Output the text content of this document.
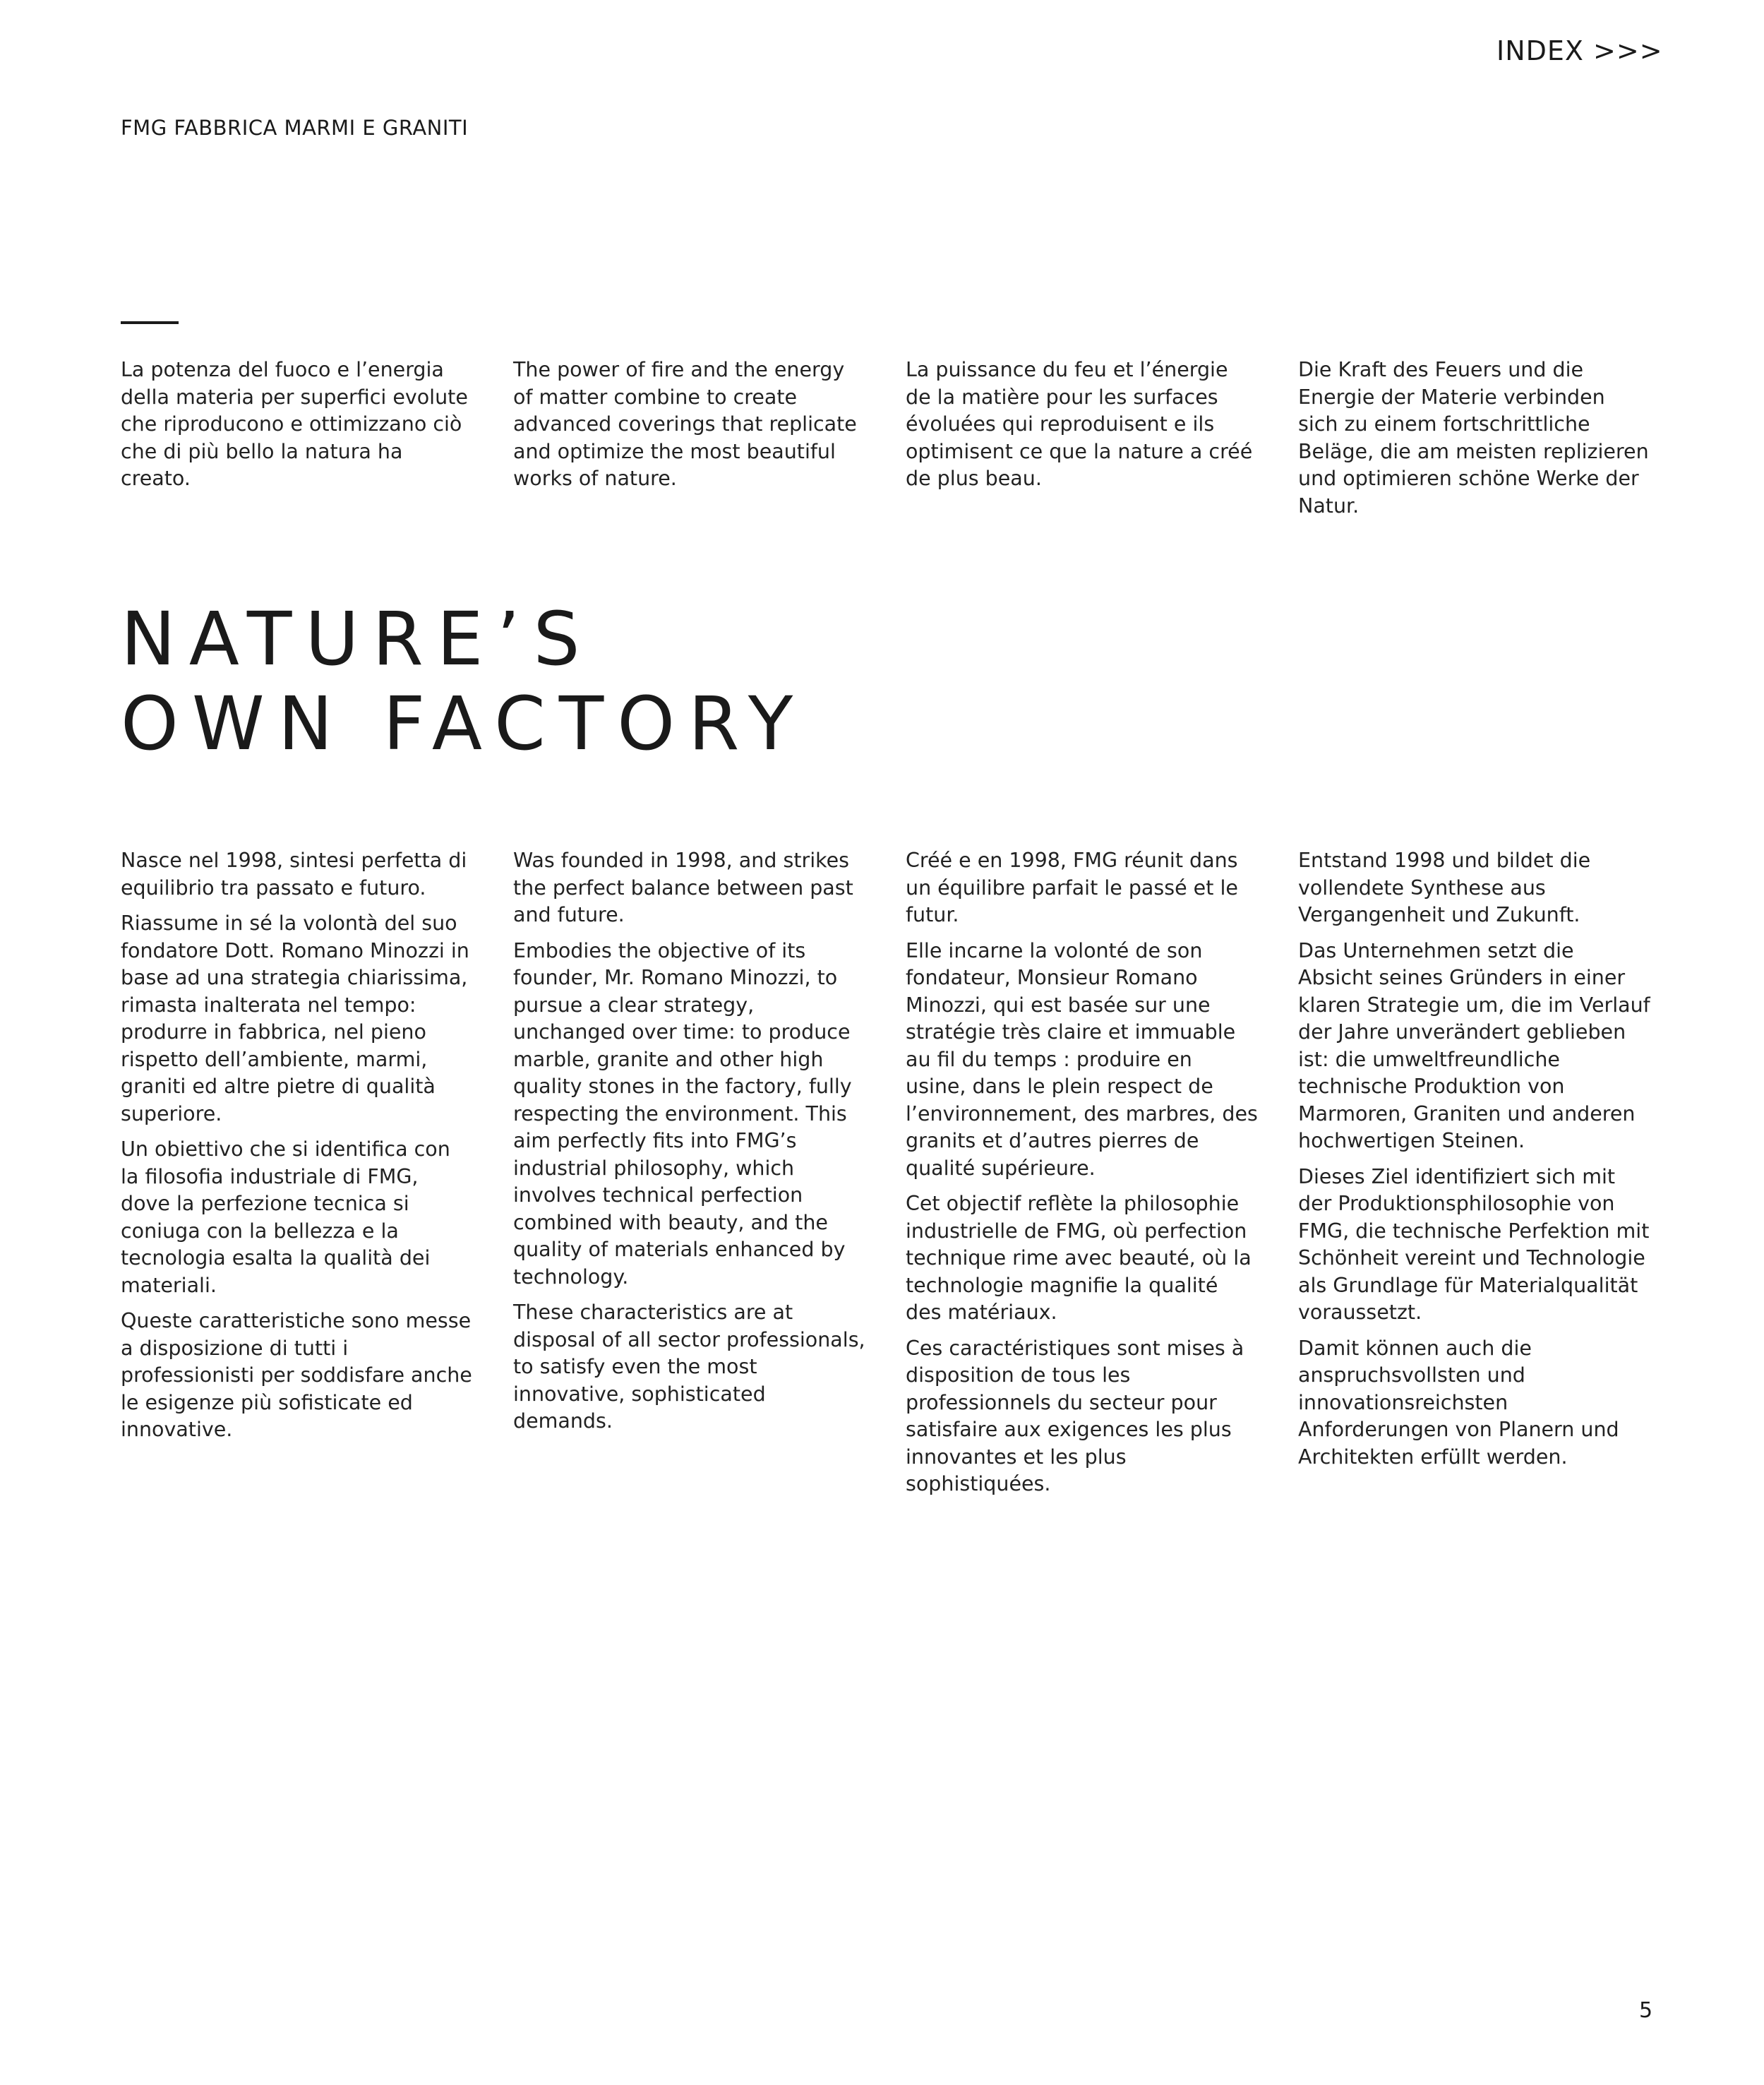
INDEX >>>
FMG FABBRICA MARMI E GRANITI
La potenza del fuoco e l’energia della materia per superfici evolute che riproducono e ottimizzano ciò che di più bello la natura ha creato.
The power of fire and the energy of matter combine to create advanced coverings that replicate and optimize the most beautiful works of nature.
La puissance du feu et l’énergie de la matière pour les surfaces évoluées qui reproduisent e ils optimisent ce que la nature a créé de plus beau.
Die Kraft des Feuers und die Energie der Materie verbinden sich zu einem fortschrittliche Beläge, die am meisten replizieren und optimieren schöne Werke der Natur.
NATURE’S
OWN FACTORY

Nasce nel 1998, sintesi perfetta di equilibrio tra passato e futuro.

Riassume in sé la volontà del suo fondatore Dott. Romano Minozzi in base ad una strategia chiarissima, rimasta inalterata nel tempo: produrre in fabbrica, nel pieno rispetto dell’ambiente, marmi, graniti ed altre pietre di qualità superiore.

Un obiettivo che si identifica con la filosofia industriale di FMG, dove la perfezione tecnica si coniuga con la bellezza e la tecnologia esalta la qualità dei materiali.

Queste caratteristiche sono messe a disposizione di tutti i professionisti per soddisfare anche le esigenze più sofisticate ed innovative.

Was founded in 1998, and strikes the perfect balance between past and future.

Embodies the objective of its founder, Mr. Romano Minozzi, to pursue a clear strategy, unchanged over time: to produce marble, granite and other high quality stones in the factory, fully respecting the environment. This aim perfectly fits into FMG’s industrial philosophy, which involves technical perfection combined with beauty, and the quality of materials enhanced by technology.

These characteristics are at disposal of all sector professionals, to satisfy even the most innovative, sophisticated demands.

Créé e en 1998, FMG réunit dans un équilibre parfait le passé et le futur.

Elle incarne la volonté de son fondateur, Monsieur Romano Minozzi, qui est basée sur une stratégie très claire et immuable au fil du temps : produire en usine, dans le plein respect de l’environnement, des marbres, des granits et d’autres pierres de qualité supérieure.

Cet objectif reflète la philosophie industrielle de FMG, où perfection technique rime avec beauté, où la technologie magnifie la qualité des matériaux.

Ces caractéristiques sont mises à disposition de tous les professionnels du secteur pour satisfaire aux exigences les plus innovantes et les plus sophistiquées.

Entstand 1998 und bildet die vollendete Synthese aus Vergangenheit und Zukunft.

Das Unternehmen setzt die Absicht seines Gründers in einer klaren Strategie um, die im Verlauf der Jahre unverändert geblieben ist: die umweltfreundliche technische Produktion von Marmoren, Graniten und anderen hochwertigen Steinen.

Dieses Ziel identifiziert sich mit der Produktionsphilosophie von FMG, die technische Perfektion mit Schönheit vereint und Technologie als Grundlage für Materialqualität voraussetzt.

Damit können auch die anspruchsvollsten und innovationsreichsten Anforderungen von Planern und Architekten erfüllt werden.

5
